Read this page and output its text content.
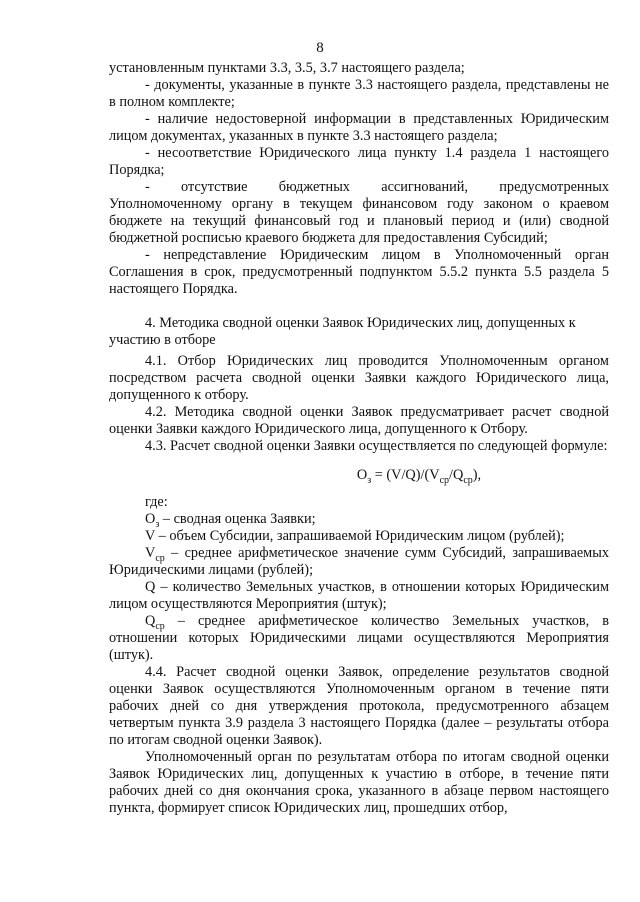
8

установленным пунктами 3.3, 3.5, 3.7 настоящего раздела;

- документы, указанные в пункте 3.3 настоящего раздела, представлены не в полном комплекте;

- наличие недостоверной информации в представленных Юридическим лицом документах, указанных в пункте 3.3 настоящего раздела;

- несоответствие Юридического лица пункту 1.4 раздела 1 настоящего Порядка;

- отсутствие бюджетных ассигнований, предусмотренных Уполномоченному органу в текущем финансовом году законом о краевом бюджете на текущий финансовый год и плановый период и (или) сводной бюджетной росписью краевого бюджета для предоставления Субсидий;

- непредставление Юридическим лицом в Уполномоченный орган Соглашения в срок, предусмотренный подпунктом 5.5.2 пункта 5.5 раздела 5 настоящего Порядка.

4. Методика сводной оценки Заявок Юридических лиц, допущенных к участию в отборе

4.1. Отбор Юридических лиц проводится Уполномоченным органом посредством расчета сводной оценки Заявки каждого Юридического лица, допущенного к отбору.

4.2. Методика сводной оценки Заявок предусматривает расчет сводной оценки Заявки каждого Юридического лица, допущенного к Отбору.

4.3. Расчет сводной оценки Заявки осуществляется по следующей формуле:

$О_з = (V/Q)/(V_{ср}/Q_{ср})$,

где:

$О_з$ – сводная оценка Заявки;

V – объем Субсидии, запрашиваемой Юридическим лицом (рублей);

$V_{ср}$ – среднее арифметическое значение сумм Субсидий, запрашиваемых Юридическими лицами (рублей);

Q – количество Земельных участков, в отношении которых Юридическим лицом осуществляются Мероприятия (штук);

$Q_{ср}$ – среднее арифметическое количество Земельных участков, в отношении которых Юридическими лицами осуществляются Мероприятия (штук).

4.4. Расчет сводной оценки Заявок, определение результатов сводной оценки Заявок осуществляются Уполномоченным органом в течение пяти рабочих дней со дня утверждения протокола, предусмотренного абзацем четвертым пункта 3.9 раздела 3 настоящего Порядка (далее – результаты отбора по итогам сводной оценки Заявок).

Уполномоченный орган по результатам отбора по итогам сводной оценки Заявок Юридических лиц, допущенных к участию в отборе, в течение пяти рабочих дней со дня окончания срока, указанного в абзаце первом настоящего пункта, формирует список Юридических лиц, прошедших отбор,
